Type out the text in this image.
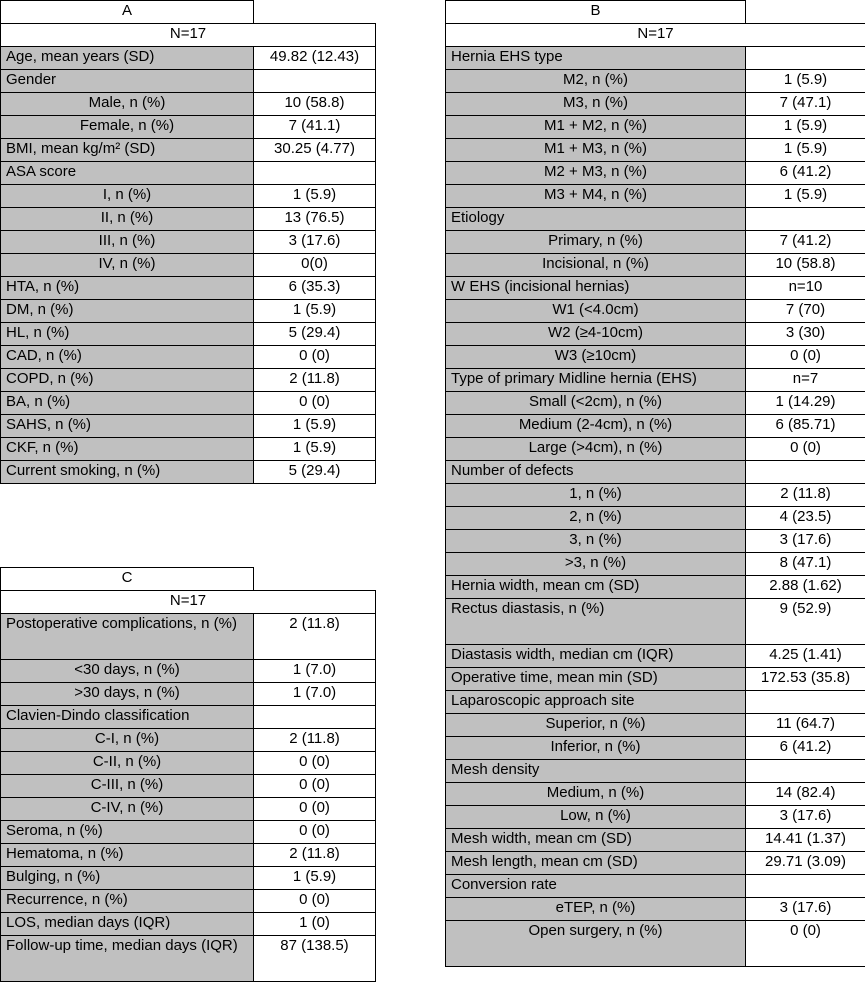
A	
N=17	
Age, mean years (SD)	49.82 (12.43)
Gender	
Male, n (%)	10 (58.8)
Female, n (%)	7 (41.1)
BMI, mean kg/m² (SD)	30.25 (4.77)
ASA score	
I, n (%)	1 (5.9)
II, n (%)	13 (76.5)
III, n (%)	3 (17.6)
IV, n (%)	0(0)
HTA, n (%)	6 (35.3)
DM, n (%)	1 (5.9)
HL, n (%)	5 (29.4)
CAD, n (%)	0 (0)
COPD, n (%)	2 (11.8)
BA, n (%)	0 (0)
SAHS, n (%)	1 (5.9)
CKF, n (%)	1 (5.9)
Current smoking, n (%)	5 (29.4)
B	
N=17	
Hernia EHS type	
M2, n (%)	1 (5.9)
M3, n (%)	7 (47.1)
M1 + M2, n (%)	1 (5.9)
M1 + M3, n (%)	1 (5.9)
M2 + M3, n (%)	6 (41.2)
M3 + M4, n (%)	1 (5.9)
Etiology	
Primary, n (%)	7 (41.2)
Incisional, n (%)	10 (58.8)
W EHS (incisional hernias)	n=10
W1 (<4.0cm)	7 (70)
W2 (≥4-10cm)	3 (30)
W3 (≥10cm)	0 (0)
Type of primary Midline hernia (EHS)	n=7
Small (<2cm), n (%)	1 (14.29)
Medium (2-4cm), n (%)	6 (85.71)
Large (>4cm), n (%)	0 (0)
Number of defects	
1, n (%)	2 (11.8)
2, n (%)	4 (23.5)
3, n (%)	3 (17.6)
>3, n (%)	8 (47.1)
Hernia width, mean cm (SD)	2.88 (1.62)
Rectus diastasis, n (%)	9 (52.9)
Diastasis width, median cm (IQR)	4.25 (1.41)
Operative time, mean min (SD)	172.53 (35.8)
Laparoscopic approach site	
Superior, n (%)	11 (64.7)
Inferior, n (%)	6 (41.2)
Mesh density	
Medium, n (%)	14 (82.4)
Low, n (%)	3 (17.6)
Mesh width, mean cm (SD)	14.41 (1.37)
Mesh length, mean cm (SD)	29.71 (3.09)
Conversion rate	
eTEP, n (%)	3 (17.6)
Open surgery, n (%)	0 (0)
C	
N=17	
Postoperative complications, n (%)	2 (11.8)
<30 days, n (%)	1 (7.0)
>30 days, n (%)	1 (7.0)
Clavien-Dindo classification	
C-I, n (%)	2 (11.8)
C-II, n (%)	0 (0)
C-III, n (%)	0 (0)
C-IV, n (%)	0 (0)
Seroma, n (%)	0 (0)
Hematoma, n (%)	2 (11.8)
Bulging, n (%)	1 (5.9)
Recurrence, n (%)	0 (0)
LOS, median days (IQR)	1 (0)
Follow-up time, median days (IQR)	87 (138.5)
